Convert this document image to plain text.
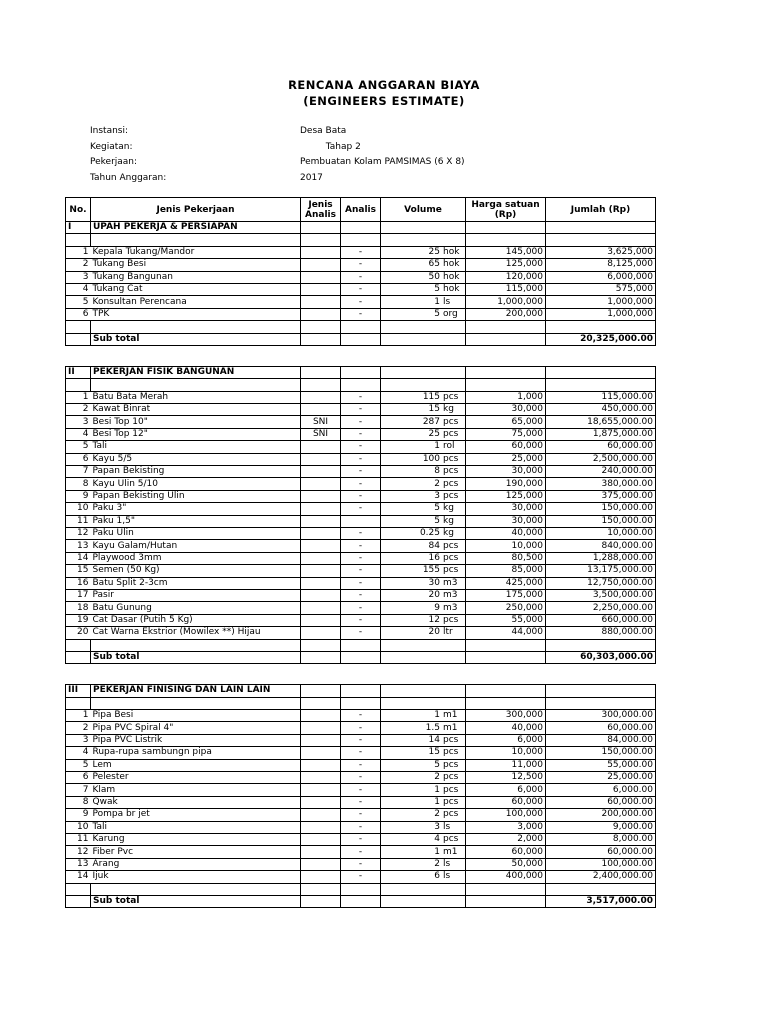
RENCANA ANGGARAN BIAYA
(ENGINEERS ESTIMATE)
Instansi:	Desa Bata
Kegiatan:	Tahap 2
Pekerjaan:	Pembuatan Kolam PAMSIMAS (6 X 8)
Tahun Anggaran:	2017
No.	Jenis Pekerjaan	Jenis Analis	Analis	Volume	Harga satuan (Rp)	Jumlah (Rp)
I	UPAH PEKERJA & PERSIAPAN					

1	Kepala Tukang/Mandor		-	25 hok	145,000	3,625,000
2	Tukang Besi		-	65 hok	125,000	8,125,000
3	Tukang Bangunan		-	50 hok	120,000	6,000,000
4	Tukang Cat		-	5 hok	115,000	575,000
5	Konsultan Perencana		-	1 ls	1,000,000	1,000,000
6	TPK		-	5 org	200,000	1,000,000

	Sub total					20,325,000.00

II	PEKERJAN FISIK BANGUNAN					

1	Batu Bata Merah		-	115 pcs	1,000	115,000.00
2	Kawat Binrat		-	15 kg	30,000	450,000.00
3	Besi Top 10"	SNI	-	287 pcs	65,000	18,655,000.00
4	Besi Top 12"	SNI	-	25 pcs	75,000	1,875,000.00
5	Tali		-	1 rol	60,000	60,000.00
6	Kayu 5/5		-	100 pcs	25,000	2,500,000.00
7	Papan Bekisting		-	8 pcs	30,000	240,000.00
8	Kayu Ulin 5/10		-	2 pcs	190,000	380,000.00
9	Papan Bekisting Ulin		-	3 pcs	125,000	375,000.00
10	Paku 3"		-	5 kg	30,000	150,000.00
11	Paku 1,5"			5 kg	30,000	150,000.00
12	Paku Ulin		-	0.25 kg	40,000	10,000.00
13	Kayu Galam/Hutan		-	84 pcs	10,000	840,000.00
14	Playwood 3mm		-	16 pcs	80,500	1,288,000.00
15	Semen (50 Kg)		-	155 pcs	85,000	13,175,000.00
16	Batu Split 2-3cm		-	30 m3	425,000	12,750,000.00
17	Pasir		-	20 m3	175,000	3,500,000.00
18	Batu Gunung		-	9 m3	250,000	2,250,000.00
19	Cat Dasar (Putih 5 Kg)		-	12 pcs	55,000	660,000.00
20	Cat Warna Ekstrior (Mowilex **) Hijau		-	20 ltr	44,000	880,000.00

	Sub total					60,303,000.00

III	PEKERJAN FINISING DAN LAIN LAIN					

1	Pipa Besi		-	1 m1	300,000	300,000.00
2	Pipa PVC Spiral 4"		-	1.5 m1	40,000	60,000.00
3	Pipa PVC Listrik		-	14 pcs	6,000	84,000.00
4	Rupa-rupa sambungn pipa		-	15 pcs	10,000	150,000.00
5	Lem		-	5 pcs	11,000	55,000.00
6	Pelester		-	2 pcs	12,500	25,000.00
7	Klam		-	1 pcs	6,000	6,000.00
8	Qwak		-	1 pcs	60,000	60,000.00
9	Pompa br jet		-	2 pcs	100,000	200,000.00
10	Tali		-	3 ls	3,000	9,000.00
11	Karung		-	4 pcs	2,000	8,000.00
12	Fiber Pvc		-	1 m1	60,000	60,000.00
13	Arang		-	2 ls	50,000	100,000.00
14	Ijuk		-	6 ls	400,000	2,400,000.00

	Sub total					3,517,000.00
